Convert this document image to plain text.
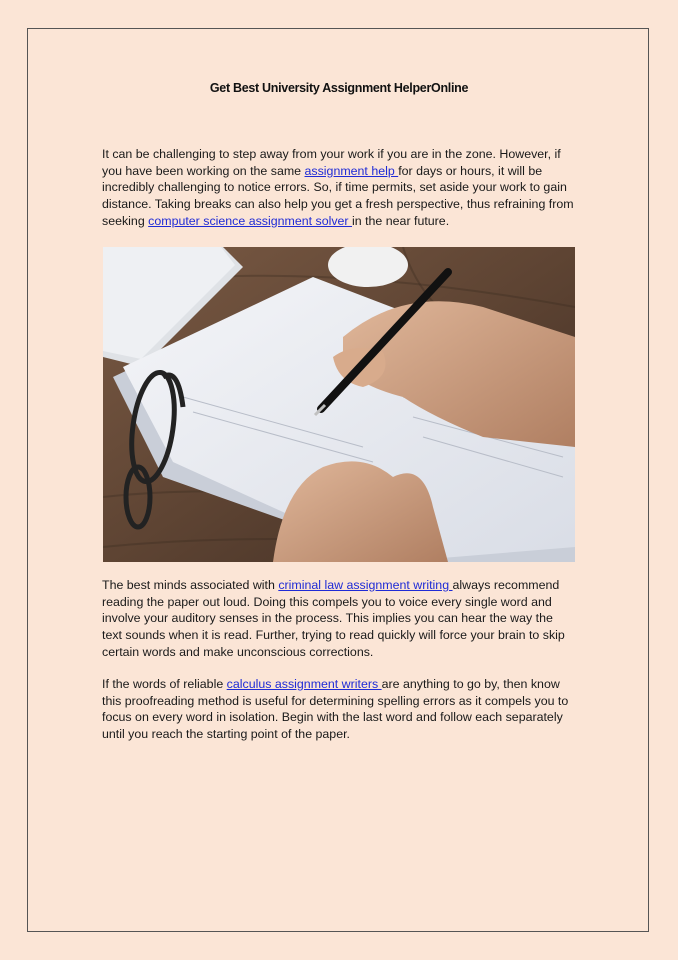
Get Best University Assignment HelperOnline

It can be challenging to step away from your work if you are in the zone. However, if you have been working on the same assignment help for days or hours, it will be incredibly challenging to notice errors. So, if time permits, set aside your work to gain distance. Taking breaks can also help you get a fresh perspective, thus refraining from seeking computer science assignment solver in the near future.

The best minds associated with criminal law assignment writing always recommend reading the paper out loud. Doing this compels you to voice every single word and involve your auditory senses in the process. This implies you can hear the way the text sounds when it is read. Further, trying to read quickly will force your brain to skip certain words and make unconscious corrections.

If the words of reliable calculus assignment writers are anything to go by, then know this proofreading method is useful for determining spelling errors as it compels you to focus on every word in isolation. Begin with the last word and follow each separately until you reach the starting point of the paper.
